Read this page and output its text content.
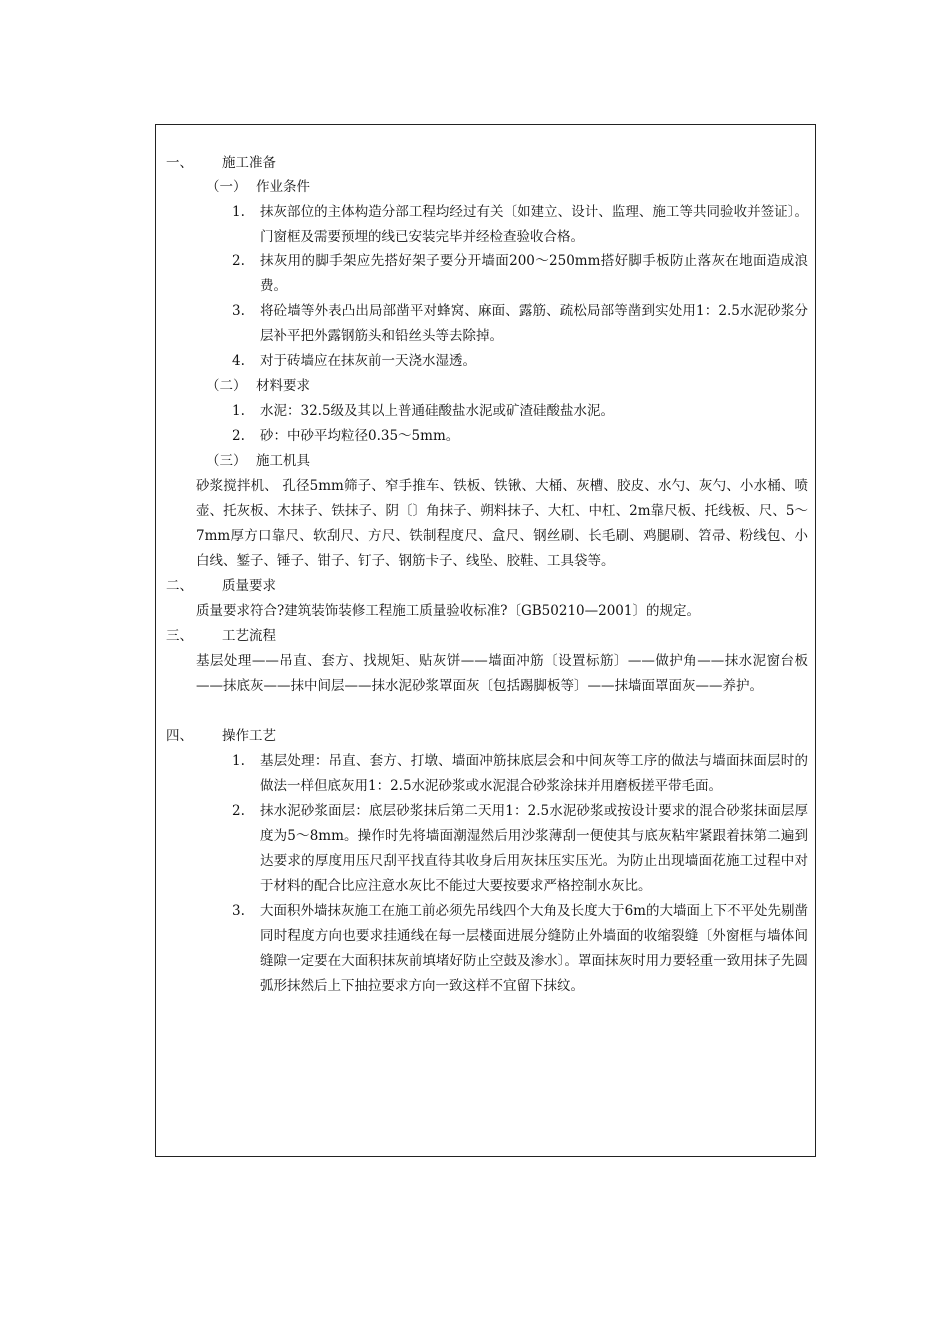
一、 施工准备
（一） 作业条件
1. 抹灰部位的主体构造分部工程均经过有关〔如建立、设计、监理、施工等共同验收并签证〕。门窗框及需要预埋的线已安装完毕并经检查验收合格。
2. 抹灰用的脚手架应先搭好架子要分开墙面200～250mm搭好脚手板防止落灰在地面造成浪费。
3. 将砼墙等外表凸出局部凿平对蜂窝、麻面、露筋、疏松局部等凿到实处用1：2.5水泥砂浆分层补平把外露钢筋头和铅丝头等去除掉。
4. 对于砖墙应在抹灰前一天浇水湿透。
（二） 材料要求
1. 水泥：32.5级及其以上普通硅酸盐水泥或矿渣硅酸盐水泥。
2. 砂：中砂平均粒径0.35～5mm。
（三） 施工机具
砂浆搅拌机、 孔径5mm筛子、窄手推车、铁板、铁锹、大桶、灰槽、胶皮、水勺、灰勺、小水桶、喷壶、托灰板、木抹子、铁抹子、阴〔〕角抹子、朔料抹子、大杠、中杠、2m靠尺板、托线板、尺、5～7mm厚方口靠尺、软刮尺、方尺、铁制程度尺、盒尺、钢丝刷、长毛刷、鸡腿刷、笤帚、粉线包、小白线、錾子、锤子、钳子、钉子、钢筋卡子、线坠、胶鞋、工具袋等。
二、 质量要求
质量要求符合?建筑装饰装修工程施工质量验收标准?〔GB50210—2001〕的规定。
三、 工艺流程
基层处理——吊直、套方、找规矩、贴灰饼——墙面冲筋〔设置标筋〕——做护角——抹水泥窗台板——抹底灰——抹中间层——抹水泥砂浆罩面灰〔包括踢脚板等〕——抹墙面罩面灰——养护。
四、 操作工艺
1. 基层处理：吊直、套方、打墩、墙面冲筋抹底层会和中间灰等工序的做法与墙面抹面层时的做法一样但底灰用1：2.5水泥砂浆或水泥混合砂浆涂抹并用磨板搓平带毛面。
2. 抹水泥砂浆面层：底层砂浆抹后第二天用1：2.5水泥砂浆或按设计要求的混合砂浆抹面层厚度为5～8mm。操作时先将墙面潮湿然后用沙浆薄刮一便使其与底灰粘牢紧跟着抹第二遍到达要求的厚度用压尺刮平找直待其收身后用灰抹压实压光。为防止出现墙面花施工过程中对于材料的配合比应注意水灰比不能过大要按要求严格控制水灰比。
3. 大面积外墙抹灰施工在施工前必须先吊线四个大角及长度大于6m的大墙面上下不平处先剔凿同时程度方向也要求挂通线在每一层楼面进展分缝防止外墙面的收缩裂缝〔外窗框与墙体间缝隙一定要在大面积抹灰前填堵好防止空鼓及渗水〕。罩面抹灰时用力要轻重一致用抹子先圆弧形抹然后上下抽拉要求方向一致这样不宜留下抹纹。
